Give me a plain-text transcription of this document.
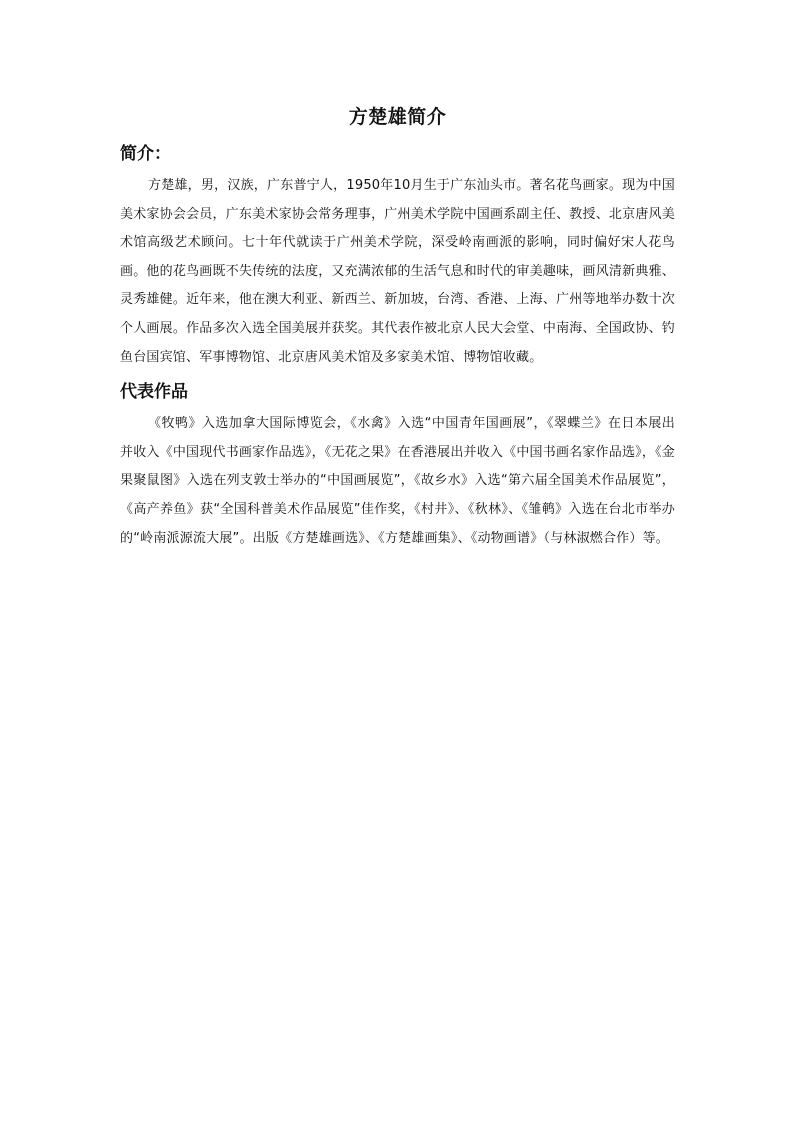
方楚雄简介
简介：

方楚雄，男，汉族，广东普宁人，1950年10月生于广东汕头市。著名花鸟画家。现为中国美术家协会会员，广东美术家协会常务理事，广州美术学院中国画系副主任、教授、北京唐风美术馆高级艺术顾问。七十年代就读于广州美术学院，深受岭南画派的影响，同时偏好宋人花鸟画。他的花鸟画既不失传统的法度，又充满浓郁的生活气息和时代的审美趣味，画风清新典雅、灵秀雄健。近年来，他在澳大利亚、新西兰、新加坡，台湾、香港、上海、广州等地举办数十次个人画展。作品多次入选全国美展并获奖。其代表作被北京人民大会堂、中南海、全国政协、钓鱼台国宾馆、军事博物馆、北京唐风美术馆及多家美术馆、博物馆收藏。

代表作品

《牧鸭》入选加拿大国际博览会，《水禽》入选“中国青年国画展”，《翠蝶兰》在日本展出并收入《中国现代书画家作品选》，《无花之果》在香港展出并收入《中国书画名家作品选》，《金果聚鼠图》入选在列支敦士举办的“中国画展览”，《故乡水》入选“第六届全国美术作品展览”，《高产养鱼》获“全国科普美术作品展览”佳作奖，《村井》、《秋林》、《雏鹌》入选在台北市举办的“岭南派源流大展”。出版《方楚雄画选》、《方楚雄画集》、《动物画谱》（与林淑燃合作）等。
